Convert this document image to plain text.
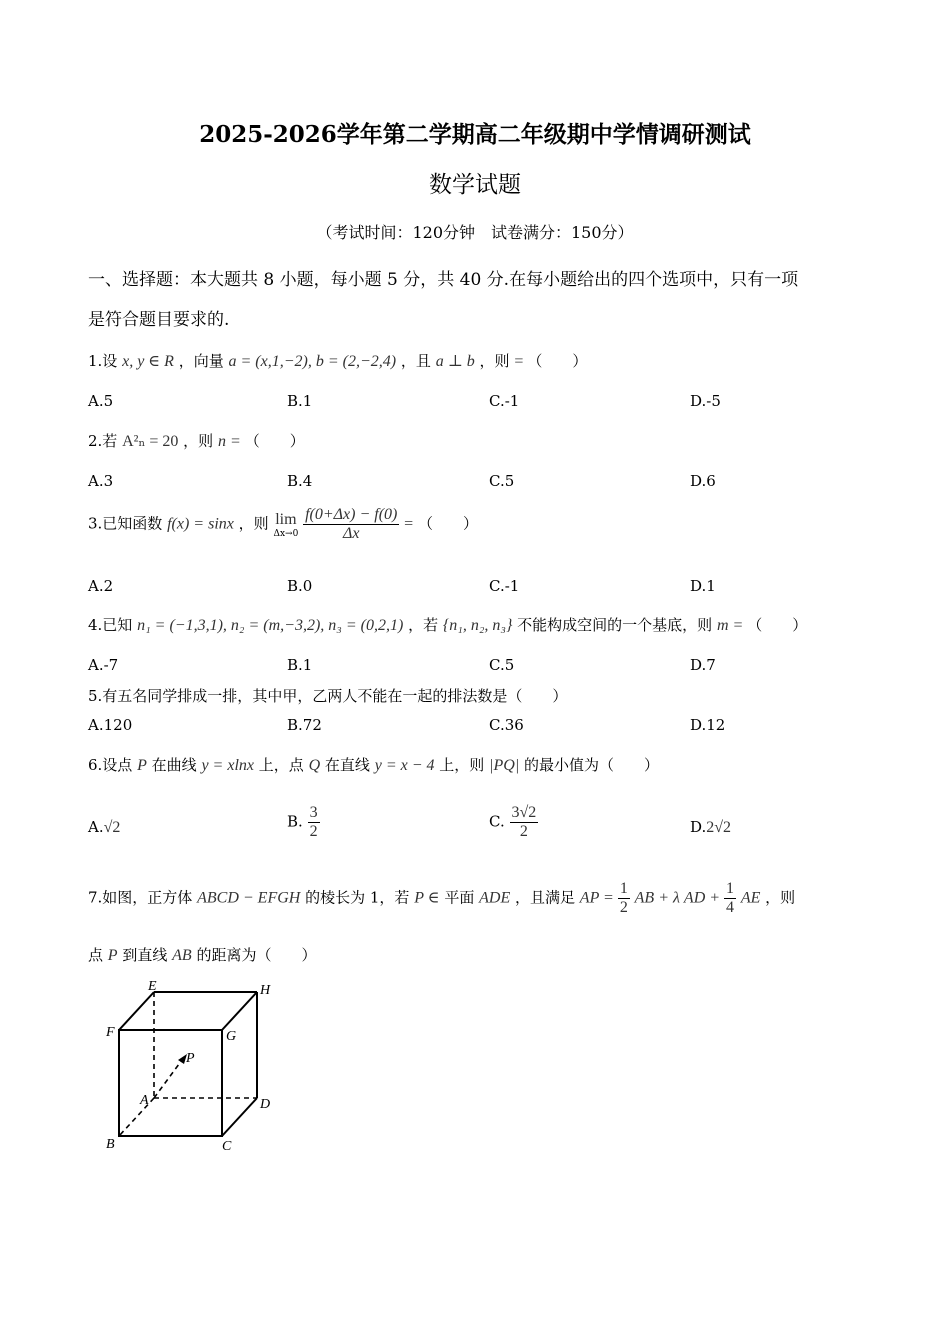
2025-2026学年第二学期高二年级期中学情调研测试
数学试题
（考试时间：120分钟　试卷满分：150分）
一、选择题：本大题共 8 小题，每小题 5 分，共 40 分.在每小题给出的四个选项中，只有一项
是符合题目要求的.
1.设 x, y ∈ R ，向量 a = (x,1,−2), b = (2,−2,4) ，且 a ⊥ b ，则 = （　　）
A.5	B.1	C.-1	D.-5
2.若 A²ₙ = 20 ，则 n = （　　）
A.3	B.4	C.5	D.6
3.已知函数 f(x) = sinx ，则 lim
Δx→0
$\frac{f(0+\Delta x) - f(0)}{\Delta x}$ = （　　）
A.2	B.0	C.-1	D.1
4.已知 n₁ = (−1,3,1), n₂ = (m,−3,2), n₃ = (0,2,1) ，若 {n₁, n₂, n₃} 不能构成空间的一个基底，则 m = （　　）
A.-7	B.1	C.5	D.7
5.有五名同学排成一排，其中甲，乙两人不能在一起的排法数是（　　）
A.120	B.72	C.36	D.12
6.设点 P 在曲线 y = xlnx 上，点 Q 在直线 y = x − 4 上，则 |PQ| 的最小值为（　　）
A.√2	B. $\frac{3}{2}$	C. $\frac{3√2}{2}$	D.2√2
7.如图，正方体 ABCD − EFGH 的棱长为 1，若 P ∈ 平面 ADE ，且满足 AP = $\frac{1}{2}$ AB + λ AD + $\frac{1}{4}$ AE ，则
点 P 到直线 AB 的距离为（　　）
E	H
F	G
P
A	D
B	C
